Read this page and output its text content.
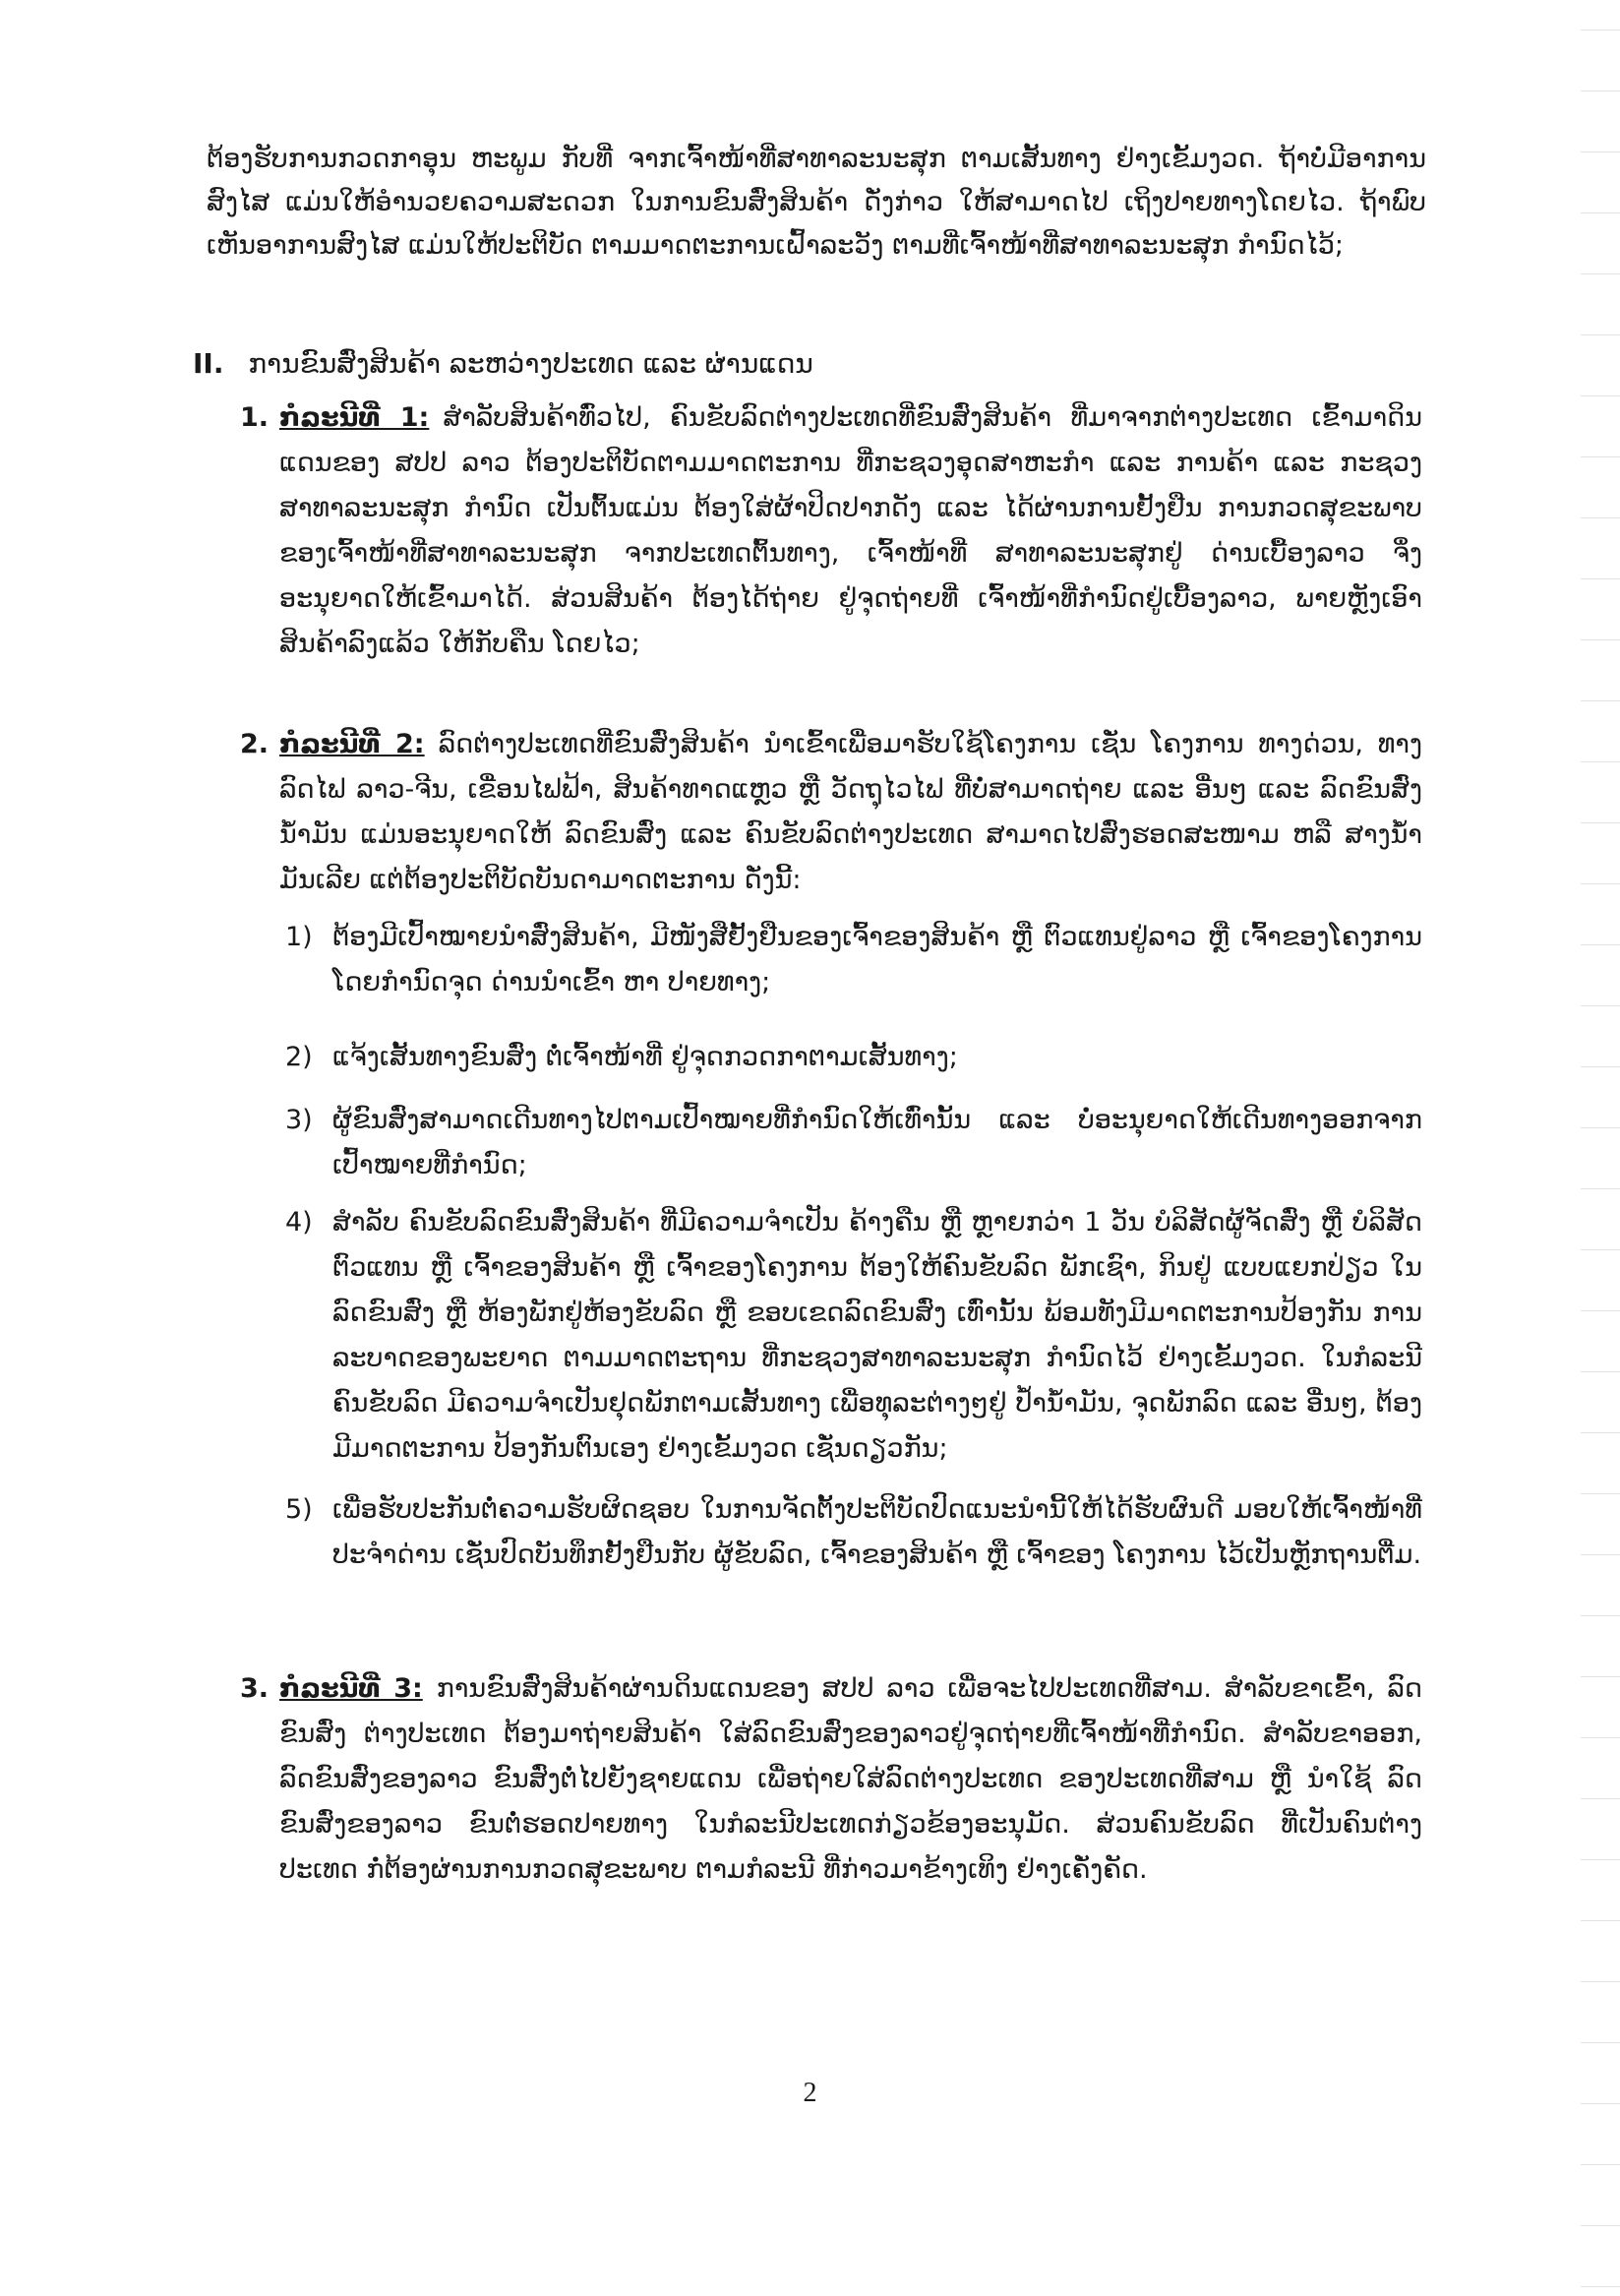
ຕ້ອງຮັບການກວດກາອຸນ ຫະພູມ ກັບທີ່ ຈາກເຈົ້າໜ້າທີ່ສາທາລະນະສຸກ ຕາມເສັ້ນທາງ ຢ່າງເຂັ້ມງວດ. ຖ້າບໍ່ມີອາການສົງໄສ ແມ່ນໃຫ້ອຳນວຍຄວາມສະດວກ ໃນການຂົນສົ່ງສິນຄ້າ ດັ່ງກ່າວ ໃຫ້ສາມາດໄປ ເຖິງປາຍທາງໂດຍໄວ. ຖ້າພົບເຫັນອາການສົງໄສ ແມ່ນໃຫ້ປະຕິບັດ ຕາມມາດຕະການເຝົ້າລະວັງ ຕາມທີ່ເຈົ້າໜ້າທີ່ສາທາລະນະສຸກ ກຳນົດໄວ້;
II. ການຂົນສົ່ງສິນຄ້າ ລະຫວ່າງປະເທດ ແລະ ຜ່ານແດນ
1. ກໍລະນີທີ່ 1: ສຳລັບສິນຄ້າທົ່ວໄປ, ຄົນຂັບລົດຕ່າງປະເທດທີ່ຂົນສົ່ງສິນຄ້າ ທີ່ມາຈາກຕ່າງປະເທດ ເຂົ້າມາດິນແດນຂອງ ສປປ ລາວ ຕ້ອງປະຕິບັດຕາມມາດຕະການ ທີ່ກະຊວງອຸດສາຫະກຳ ແລະ ການຄ້າ ແລະ ກະຊວງສາທາລະນະສຸກ ກຳນົດ ເປັນຕົ້ນແມ່ນ ຕ້ອງໃສ່ຜ້າປິດປາກດັງ ແລະ ໄດ້ຜ່ານການຢັ້ງຢືນ ການກວດສຸຂະພາບ ຂອງເຈົ້າໜ້າທີ່ສາທາລະນະສຸກ ຈາກປະເທດຕົ້ນທາງ, ເຈົ້າໜ້າທີ່ ສາທາລະນະສຸກຢູ່ ດ່ານເບື້ອງລາວ ຈຶ່ງອະນຸຍາດໃຫ້ເຂົ້າມາໄດ້. ສ່ວນສິນຄ້າ ຕ້ອງໄດ້ຖ່າຍ ຢູ່ຈຸດຖ່າຍທີ່ ເຈົ້າໜ້າທີ່ກຳນົດຢູ່ເບື້ອງລາວ, ພາຍຫຼັງເອົາສິນຄ້າລົງແລ້ວ ໃຫ້ກັບຄືນ ໂດຍໄວ;
2. ກໍລະນີທີ່ 2: ລົດຕ່າງປະເທດທີ່ຂົນສົ່ງສິນຄ້າ ນຳເຂົ້າເພື່ອມາຮັບໃຊ້ໂຄງການ ເຊັ່ນ ໂຄງການ ທາງດ່ວນ, ທາງລົດໄຟ ລາວ-ຈີນ, ເຂື່ອນໄຟຟ້າ, ສິນຄ້າທາດແຫຼວ ຫຼື ວັດຖຸໄວໄຟ ທີ່ບໍ່ສາມາດຖ່າຍ ແລະ ອື່ນໆ ແລະ ລົດຂົນສົ່ງນ້ຳມັນ ແມ່ນອະນຸຍາດໃຫ້ ລົດຂົນສົ່ງ ແລະ ຄົນຂັບລົດຕ່າງປະເທດ ສາມາດໄປສົ່ງຮອດສະໜາມ ຫລື ສາງນ້ຳມັນເລີຍ ແຕ່ຕ້ອງປະຕິບັດບັນດາມາດຕະການ ດັ່ງນີ້:
1) ຕ້ອງມີເປົ້າໝາຍນຳສົ່ງສິນຄ້າ, ມີໜັງສືຢັ້ງຢືນຂອງເຈົ້າຂອງສິນຄ້າ ຫຼື ຕົວແທນຢູ່ລາວ ຫຼື ເຈົ້າຂອງໂຄງການ ໂດຍກຳນົດຈຸດ ດ່ານນຳເຂົ້າ ຫາ ປາຍທາງ;
2) ແຈ້ງເສັ້ນທາງຂົນສົ່ງ ຕໍ່ເຈົ້າໜ້າທີ່ ຢູ່ຈຸດກວດກາຕາມເສັ້ນທາງ;
3) ຜູ້ຂົນສົ່ງສາມາດເດີນທາງໄປຕາມເປົ້າໝາຍທີ່ກຳນົດໃຫ້ເທົ່ານັ້ນ ແລະ ບໍ່ອະນຸຍາດໃຫ້ເດີນທາງອອກຈາກເປົ້າໝາຍທີ່ກຳນົດ;
4) ສຳລັບ ຄົນຂັບລົດຂົນສົ່ງສິນຄ້າ ທີ່ມີຄວາມຈຳເປັນ ຄ້າງຄືນ ຫຼື ຫຼາຍກວ່າ 1 ວັນ ບໍລິສັດຜູ້ຈັດສົ່ງ ຫຼື ບໍລິສັດຕົວແທນ ຫຼື ເຈົ້າຂອງສິນຄ້າ ຫຼື ເຈົ້າຂອງໂຄງການ ຕ້ອງໃຫ້ຄົນຂັບລົດ ພັກເຊົາ, ກິນຢູ່ ແບບແຍກປ່ຽວ ໃນລົດຂົນສົ່ງ ຫຼື ຫ້ອງພັກຢູ່ຫ້ອງຂັບລົດ ຫຼື ຂອບເຂດລົດຂົນສົ່ງ ເທົ່ານັ້ນ ພ້ອມທັງມີມາດຕະການປ້ອງກັນ ການລະບາດຂອງພະຍາດ ຕາມມາດຕະຖານ ທີ່ກະຊວງສາທາລະນະສຸກ ກຳນົດໄວ້ ຢ່າງເຂັ້ມງວດ. ໃນກໍລະນີ ຄົນຂັບລົດ ມີຄວາມຈຳເປັນຢຸດພັກຕາມເສັ້ນທາງ ເພື່ອທຸລະຕ່າງໆຢູ່ ປ້ຳນ້ຳມັນ, ຈຸດພັກລົດ ແລະ ອື່ນໆ, ຕ້ອງມີມາດຕະການ ປ້ອງກັນຕົນເອງ ຢ່າງເຂັ້ມງວດ ເຊັ່ນດຽວກັນ;
5) ເພື່ອຮັບປະກັນຕໍ່ຄວາມຮັບຜິດຊອບ ໃນການຈັດຕັ້ງປະຕິບັດປົດແນະນຳນີ້ໃຫ້ໄດ້ຮັບຜົນດີ ມອບໃຫ້ເຈົ້າໜ້າທີ່ປະຈຳດ່ານ ເຊັ່ນປົດບັນທຶກຢັ້ງຢືນກັບ ຜູ້ຂັບລົດ, ເຈົ້າຂອງສິນຄ້າ ຫຼື ເຈົ້າຂອງ ໂຄງການ ໄວ້ເປັນຫຼັກຖານຕື່ມ.
3. ກໍລະນີທີ່ 3: ການຂົນສົ່ງສິນຄ້າຜ່ານດິນແດນຂອງ ສປປ ລາວ ເພື່ອຈະໄປປະເທດທີ່ສາມ. ສຳລັບຂາເຂົ້າ, ລົດຂົນສົ່ງ ຕ່າງປະເທດ ຕ້ອງມາຖ່າຍສິນຄ້າ ໃສ່ລົດຂົນສົ່ງຂອງລາວຢູ່ຈຸດຖ່າຍທີ່ເຈົ້າໜ້າທີ່ກຳນົດ. ສຳລັບຂາອອກ, ລົດຂົນສົ່ງຂອງລາວ ຂົນສົ່ງຕໍ່ໄປຍັງຊາຍແດນ ເພື່ອຖ່າຍໃສ່ລົດຕ່າງປະເທດ ຂອງປະເທດທີ່ສາມ ຫຼື ນຳໃຊ້ ລົດຂົນສົ່ງຂອງລາວ ຂົນຕໍ່ຮອດປາຍທາງ ໃນກໍລະນີປະເທດກ່ຽວຂ້ອງອະນຸມັດ. ສ່ວນຄົນຂັບລົດ ທີ່ເປັນຄົນຕ່າງປະເທດ ກໍ່ຕ້ອງຜ່ານການກວດສຸຂະພາບ ຕາມກໍລະນີ ທີ່ກ່າວມາຂ້າງເທິງ ຢ່າງເຄັ່ງຄັດ.
2
